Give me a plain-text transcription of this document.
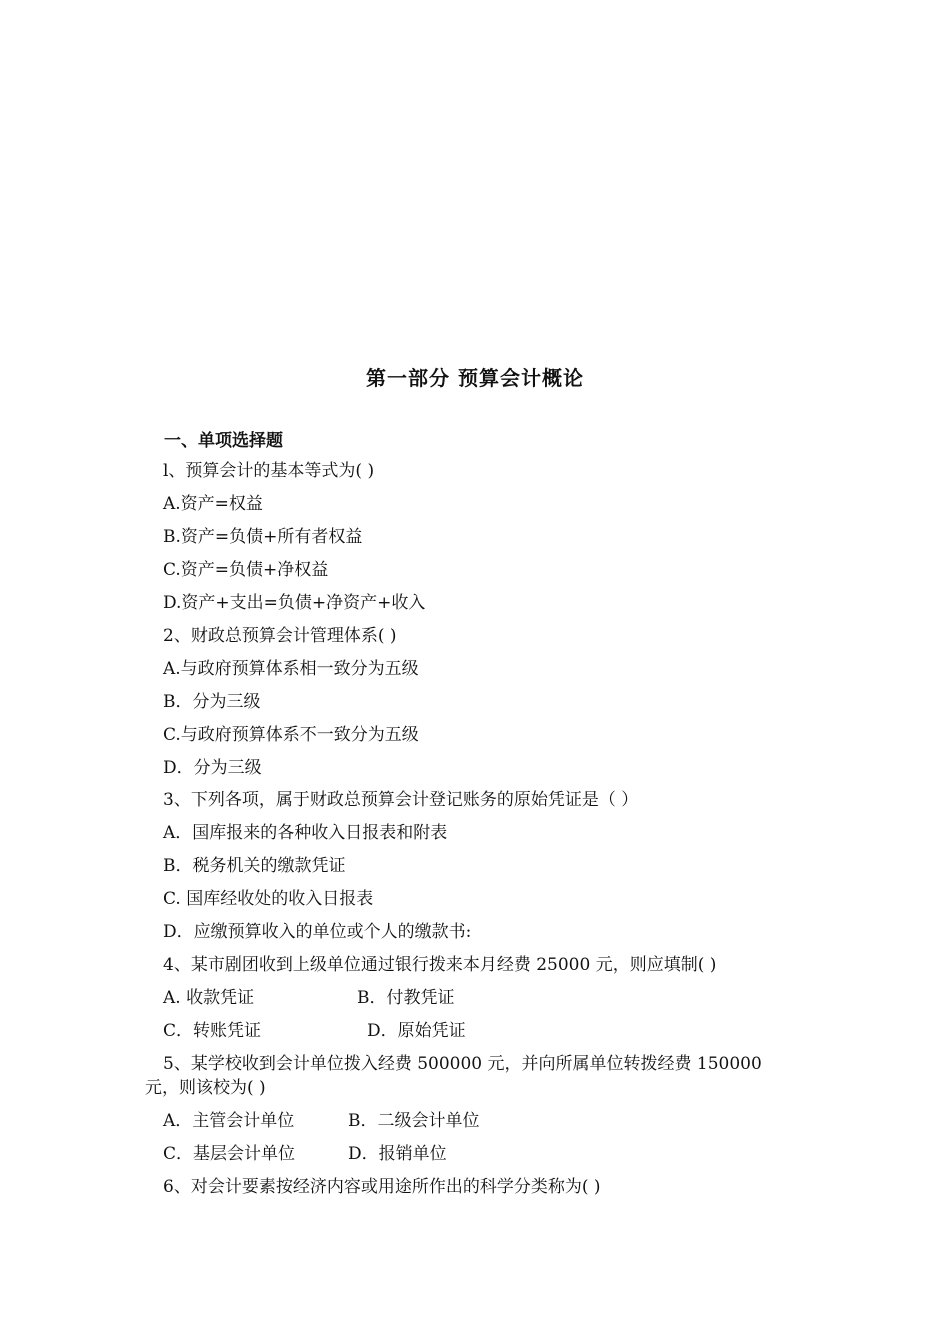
第一部分 预算会计概论
一、单项选择题
l、预算会计的基本等式为( )
A.资产=权益
B.资产=负债+所有者权益
C.资产=负债+净权益
D.资产+支出=负债+净资产+收入
2、财政总预算会计管理体系( )
A.与政府预算体系相一致分为五级
B．分为三级
C.与政府预算体系不一致分为五级
D．分为三级
3、下列各项，属于财政总预算会计登记账务的原始凭证是（ ）
A．国库报来的各种收入日报表和附表
B．税务机关的缴款凭证
C. 国库经收处的收入日报表
D．应缴预算收入的单位或个人的缴款书:
4、某市剧团收到上级单位通过银行拨来本月经费 25000 元，则应填制( )
A. 收款凭证	B．付教凭证
C．转账凭证	D．原始凭证
5、某学校收到会计单位拨入经费 500000 元，并向所属单位转拨经费 150000
元，则该校为( )
A．主管会计单位	B．二级会计单位
C．基层会计单位	D．报销单位
6、对会计要素按经济内容或用途所作出的科学分类称为( )
